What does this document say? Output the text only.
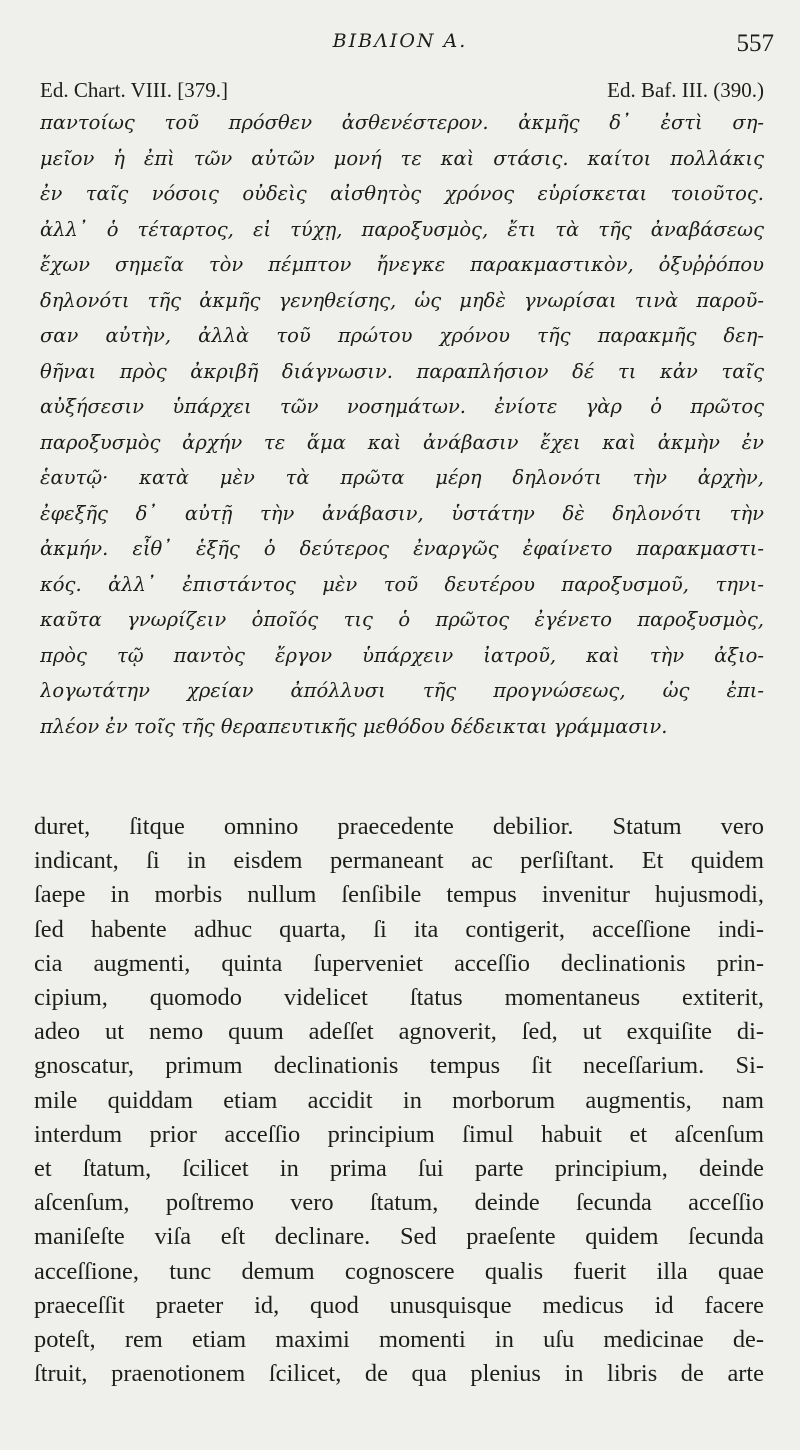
ΒΙΒΛΙΟΝ Α.	557
Ed. Chart. VIII. [379.]	Ed. Baf. III. (390.)
παντοίως τοῦ πρόσθεν ἀσθενέστερον. ἀκμῆς δ᾽ ἐστὶ ση-
μεῖον ἡ ἐπὶ τῶν αὐτῶν μονή τε καὶ στάσις. καίτοι πολλάκις
ἐν ταῖς νόσοις οὐδεὶς αἰσθητὸς χρόνος εὑρίσκεται τοιοῦτος.
ἀλλ᾽ ὁ τέταρτος, εἰ τύχῃ, παροξυσμὸς, ἔτι τὰ τῆς ἀναβάσεως
ἔχων σημεῖα τὸν πέμπτον ἤνεγκε παρακμαστικὸν, ὀξυῤῥόπου
δηλονότι τῆς ἀκμῆς γενηθείσης, ὡς μηδὲ γνωρίσαι τινὰ παροῦ-
σαν αὐτὴν, ἀλλὰ τοῦ πρώτου χρόνου τῆς παρακμῆς δεη-
θῆναι πρὸς ἀκριβῆ διάγνωσιν. παραπλήσιον δέ τι κἀν ταῖς
αὐξήσεσιν ὑπάρχει τῶν νοσημάτων. ἐνίοτε γὰρ ὁ πρῶτος
παροξυσμὸς ἀρχήν τε ἅμα καὶ ἀνάβασιν ἔχει καὶ ἀκμὴν ἐν
ἑαυτῷ· κατὰ μὲν τὰ πρῶτα μέρη δηλονότι τὴν ἀρχὴν,
ἐφεξῆς δ᾽ αὐτῇ τὴν ἀνάβασιν, ὑστάτην δὲ δηλονότι τὴν
ἀκμήν. εἶθ᾽ ἑξῆς ὁ δεύτερος ἐναργῶς ἐφαίνετο παρακμαστι-
κός. ἀλλ᾽ ἐπιστάντος μὲν τοῦ δευτέρου παροξυσμοῦ, τηνι-
καῦτα γνωρίζειν ὁποῖός τις ὁ πρῶτος ἐγένετο παροξυσμὸς,
πρὸς τῷ παντὸς ἔργον ὑπάρχειν ἰατροῦ, καὶ τὴν ἀξιο-
λογωτάτην χρείαν ἀπόλλυσι τῆς προγνώσεως, ὡς ἐπι-
πλέον ἐν τοῖς τῆς θεραπευτικῆς μεθόδου δέδεικται γράμμασιν.
duret, ſitque omnino praecedente debilior. Statum vero
indicant, ſi in eisdem permaneant ac perſiſtant. Et quidem
ſaepe in morbis nullum ſenſibile tempus invenitur hujusmodi,
ſed habente adhuc quarta, ſi ita contigerit, acceſſione indi-
cia augmenti, quinta ſuperveniet acceſſio declinationis prin-
cipium, quomodo videlicet ſtatus momentaneus extiterit,
adeo ut nemo quum adeſſet agnoverit, ſed, ut exquiſite di-
gnoscatur, primum declinationis tempus ſit neceſſarium. Si-
mile quiddam etiam accidit in morborum augmentis, nam
interdum prior acceſſio principium ſimul habuit et aſcenſum
et ſtatum, ſcilicet in prima ſui parte principium, deinde
aſcenſum, poſtremo vero ſtatum, deinde ſecunda acceſſio
maniſeſte viſa eſt declinare. Sed praeſente quidem ſecunda
acceſſione, tunc demum cognoscere qualis fuerit illa quae
praeceſſit praeter id, quod unusquisque medicus id facere
poteſt, rem etiam maximi momenti in uſu medicinae de-
ſtruit, praenotionem ſcilicet, de qua plenius in libris de arte
